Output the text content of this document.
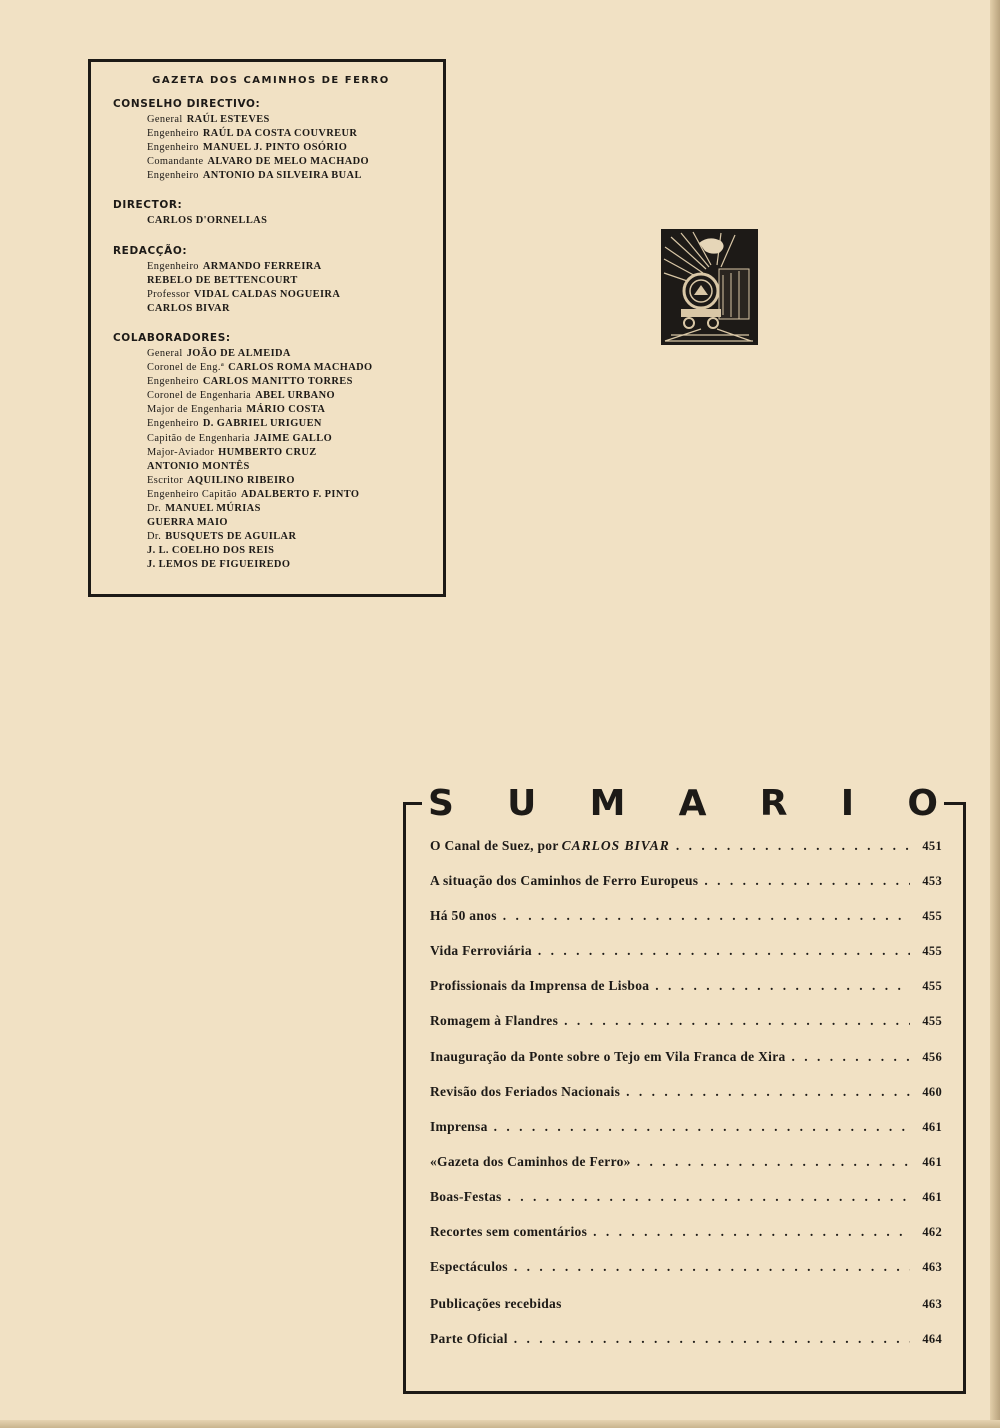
GAZETA DOS CAMINHOS DE FERRO
CONSELHO DIRECTIVO:
General RAÚL ESTEVES
Engenheiro RAÚL DA COSTA COUVREUR
Engenheiro MANUEL J. PINTO OSÓRIO
Comandante ALVARO DE MELO MACHADO
Engenheiro ANTONIO DA SILVEIRA BUAL
DIRECTOR:
CARLOS D'ORNELLAS
REDACÇÃO:
Engenheiro ARMANDO FERREIRA
REBELO DE BETTENCOURT
Professor VIDAL CALDAS NOGUEIRA
CARLOS BIVAR
COLABORADORES:
General JOÃO DE ALMEIDA
Coronel de Eng.ª CARLOS ROMA MACHADO
Engenheiro CARLOS MANITTO TORRES
Coronel de Engenharia ABEL URBANO
Major de Engenharia MÁRIO COSTA
Engenheiro D. GABRIEL URIGUEN
Capitão de Engenharia JAIME GALLO
Major-Aviador HUMBERTO CRUZ
ANTONIO MONTÊS
Escritor AQUILINO RIBEIRO
Engenheiro Capitão ADALBERTO F. PINTO
Dr. MANUEL MÚRIAS
GUERRA MAIO
Dr. BUSQUETS DE AGUILAR
J. L. COELHO DOS REIS
J. LEMOS DE FIGUEIREDO
O Canal de Suez, por CARLOS BIVAR . . .	451
A situação dos Caminhos de Ferro Europeus . . .	453
Há 50 anos . . .	455
Vida Ferroviária . . .	455
Profissionais da Imprensa de Lisboa . . .	455
Romagem à Flandres . . .	455
Inauguração da Ponte sobre o Tejo em Vila Franca de Xira . . .	456
Revisão dos Feriados Nacionais . . .	460
Imprensa . . .	461
«Gazeta dos Caminhos de Ferro» . . .	461
Boas-Festas . . .	461
Recortes sem comentários . . .	462
Espectáculos . . .	463
Publicações recebidas	463
Parte Oficial . . .	464
S U M A R I O
